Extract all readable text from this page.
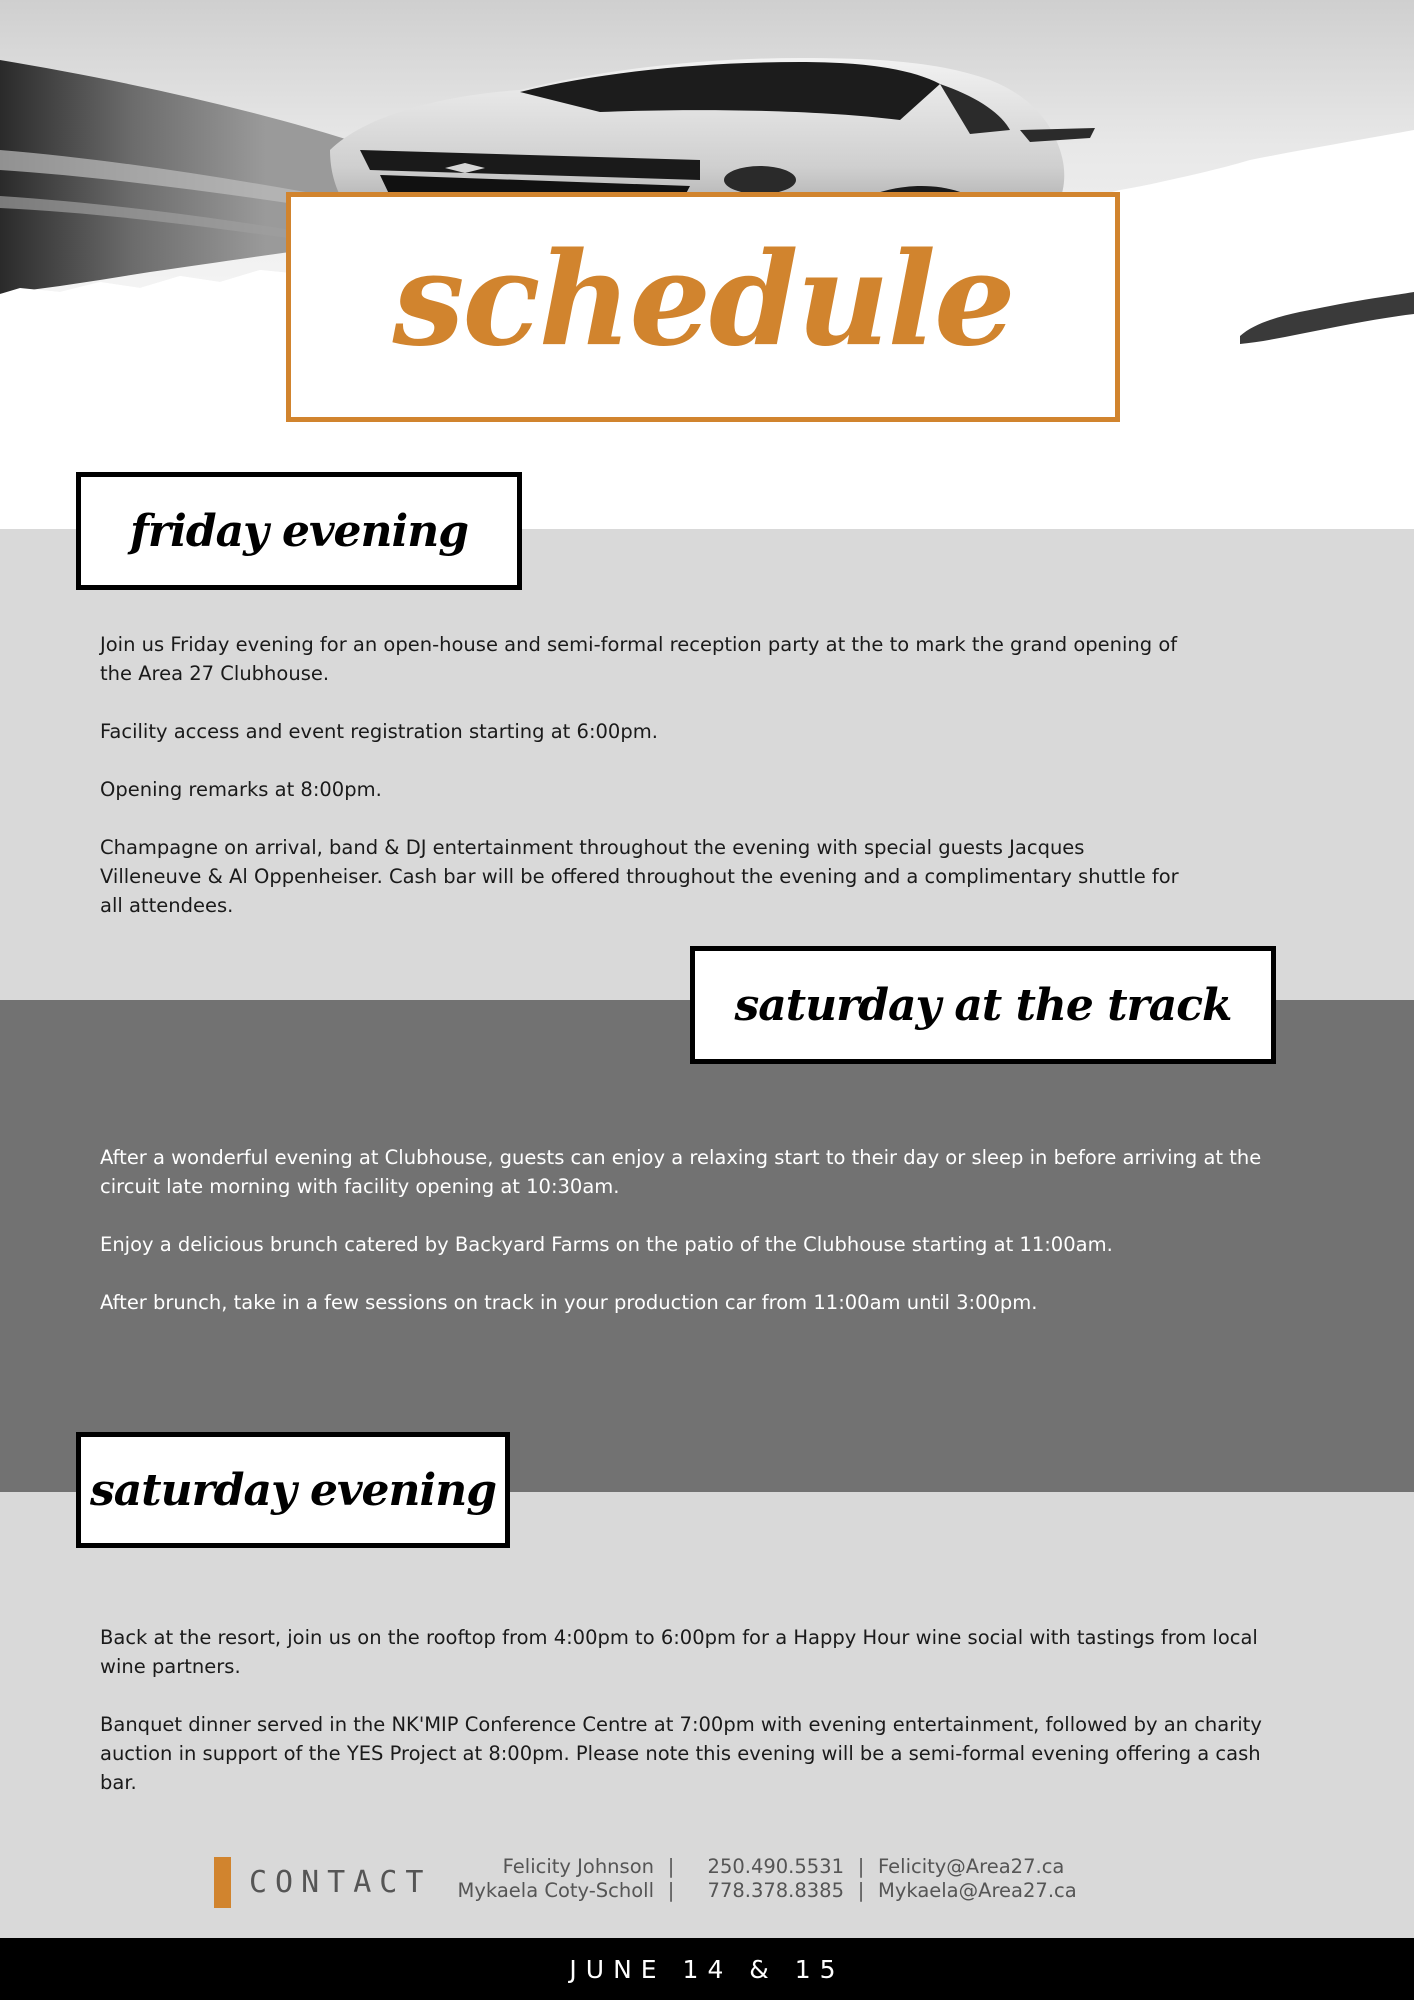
schedule
friday evening

Join us Friday evening for an open-house and semi-formal reception party at the to mark the grand opening of the Area 27 Clubhouse.

Facility access and event registration starting at 6:00pm.

Opening remarks at 8:00pm.

Champagne on arrival, band & DJ entertainment throughout the evening with special guests Jacques Villeneuve & Al Oppenheiser. Cash bar will be offered throughout the evening and a complimentary shuttle for all attendees.

saturday at the track

After a wonderful evening at Clubhouse, guests can enjoy a relaxing start to their day or sleep in before arriving at the circuit late morning with facility opening at 10:30am.

Enjoy a delicious brunch catered by Backyard Farms on the patio of the Clubhouse starting at 11:00am.

After brunch, take in a few sessions on track in your production car from 11:00am until 3:00pm.

saturday evening

Back at the resort, join us on the rooftop from 4:00pm to 6:00pm for a Happy Hour wine social with tastings from local wine partners.

Banquet dinner served in the NK'MIP Conference Centre at 7:00pm with evening entertainment, followed by an charity auction in support of the YES Project at 8:00pm. Please note this evening will be a semi-formal evening offering a cash bar.

CONTACT	Felicity Johnson |	250.490.5531 | Felicity@Area27.ca
Mykaela Coty-Scholl |	778.378.8385 | Mykaela@Area27.ca
JUNE 14 & 15
